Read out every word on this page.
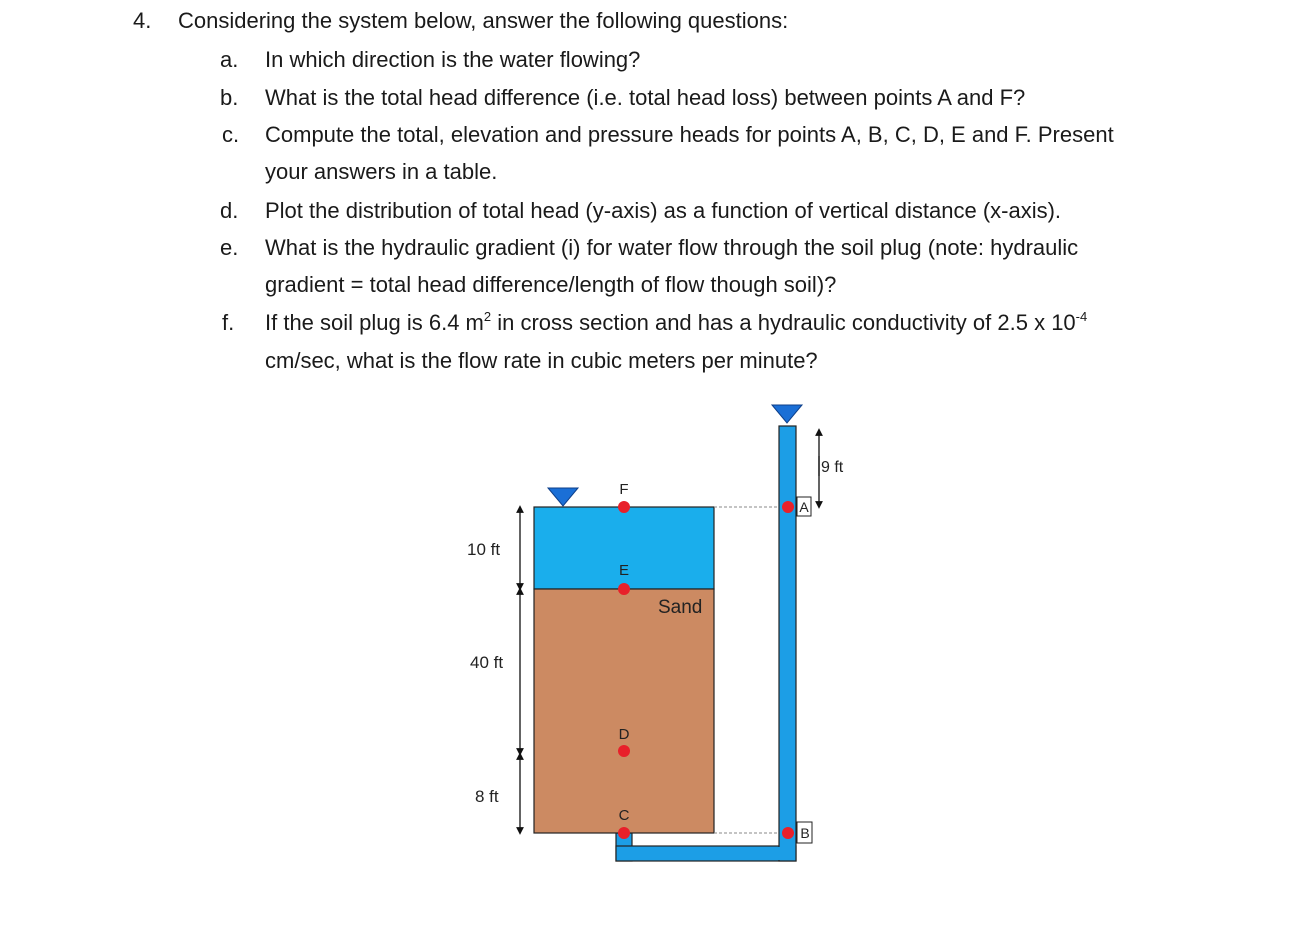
4. Considering the system below, answer the following questions:
a. In which direction is the water flowing?
b. What is the total head difference (i.e. total head loss) between points A and F?
c. Compute the total, elevation and pressure heads for points A, B, C, D, E and F. Present
your answers in a table.
d. Plot the distribution of total head (y-axis) as a function of vertical distance (x-axis).
e. What is the hydraulic gradient (i) for water flow through the soil plug (note: hydraulic
gradient = total head difference/length of flow though soil)?
f. If the soil plug is 6.4 $m^2$ in cross section and has a hydraulic conductivity of 2.5 x $10^{-4}$
cm/sec, what is the flow rate in cubic meters per minute?
10 ft
40 ft
8 ft
9 ft
Sand
F
E
D
C
A
B
